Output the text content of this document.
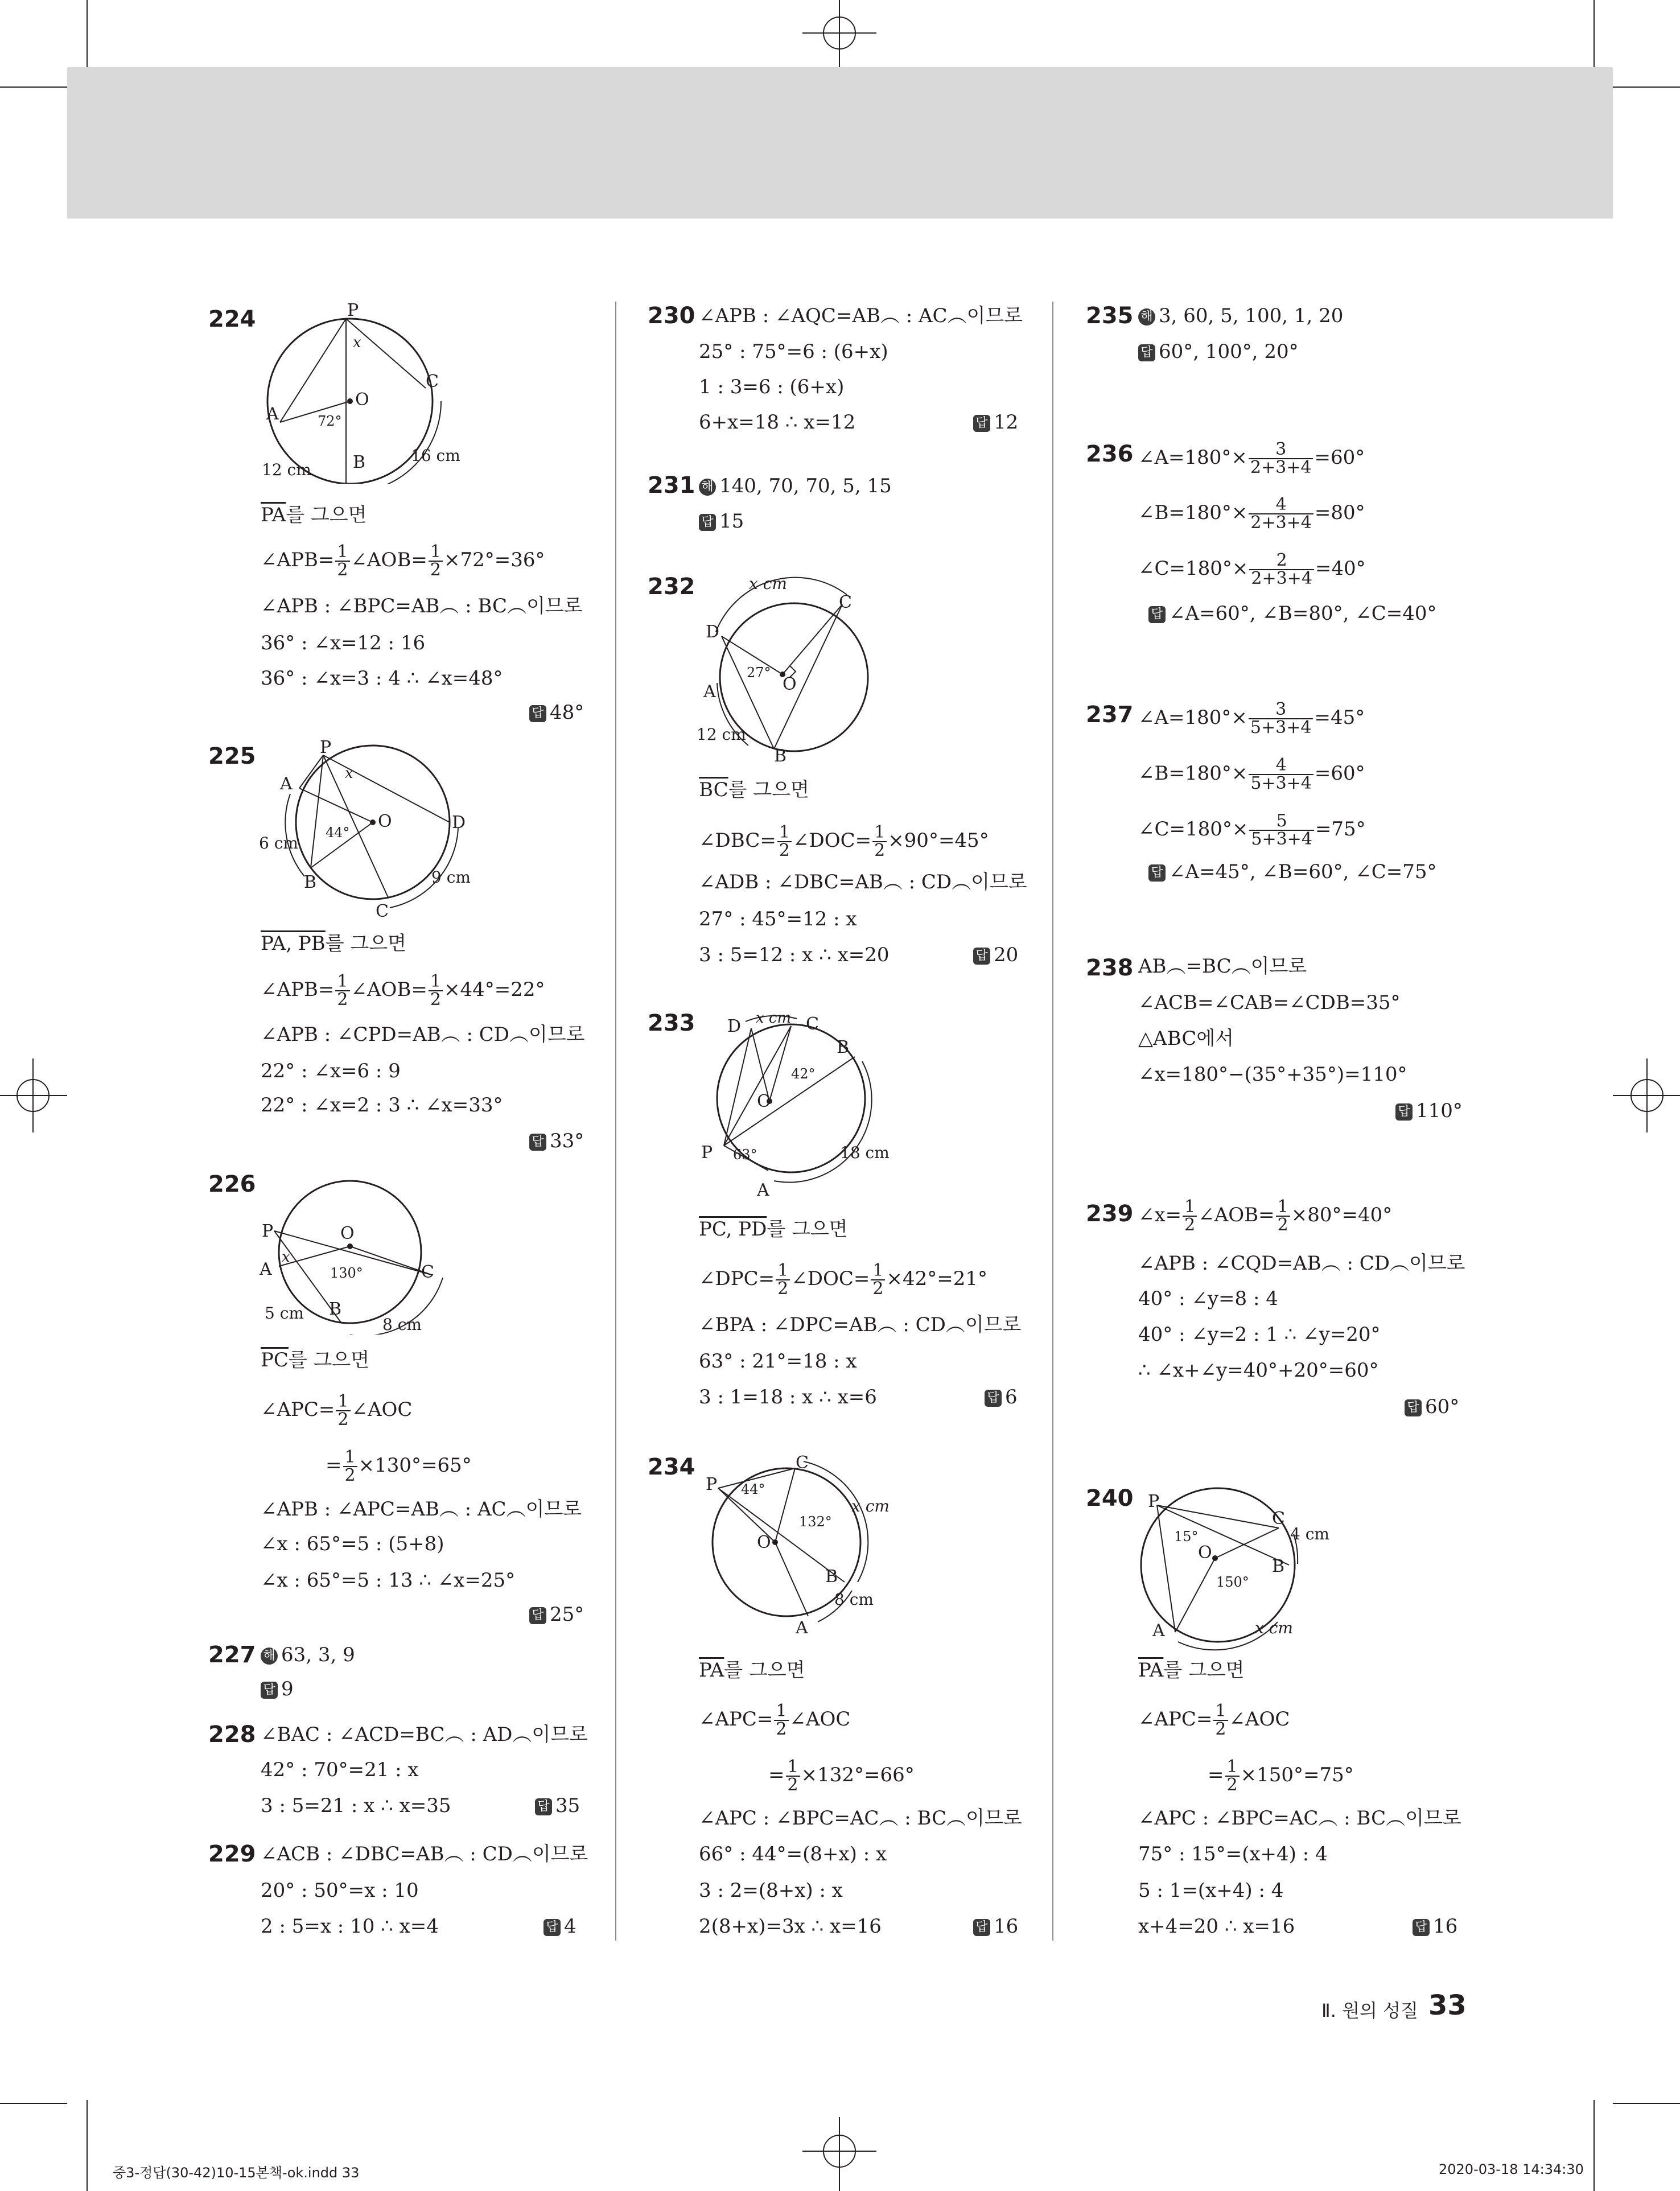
224	P
A
C
B
O
x
72°
12 cm
16 cm
$\overline{PA}$를 그으면
∠APB= $\frac{1}{2}$ ∠AOB= $\frac{1}{2} \times 72^\circ=36^\circ$
∠APB : ∠BPC=AB︵ : BC︵이므로
36° : ∠x=12 : 16
36° : ∠x=3 : 4 ∴ ∠x=48°
답 48°
225	P
A
B
C
D
O
x
44°
6 cm
9 cm
PA, PB를 그으면
∠APB= $\frac{1}{2}$ ∠AOB= $\frac{1}{2} \times 44^\circ=22^\circ$
∠APB : ∠CPD=AB︵ : CD︵이므로
22° : ∠x=6 : 9
22° : ∠x=2 : 3 ∴ ∠x=33°
답 33°
226
P
A
B
C
O
x
130°
5 cm
8 cm
$\overline{PC}$를 그으면
∠APC= $\frac{1}{2}$ ∠AOC
= $\frac{1}{2} \times 130^\circ=65^\circ$
∠APB : ∠APC=AB︵ : AC︵이므로
∠x : 65°=5 : (5+8)
∠x : 65°=5 : 13 ∴ ∠x=25°
답 25°
227 해 63, 3, 9
답 9
228 ∠BAC : ∠ACD=BC︵ : AD︵이므로
42° : 70°=21 : x
3 : 5=21 : x ∴ x=35	답 35
229 ∠ACB : ∠DBC=AB︵ : CD︵이므로
20° : 50°=x : 10
2 : 5=x : 10 ∴ x=4	답 4
230 ∠APB : ∠AQC=AB︵ : AC︵이므로
25° : 75°=6 : (6+x)
1 : 3=6 : (6+x)
6+x=18 ∴ x=12	답 12
231 해 140, 70, 70, 5, 15
답 15
232
D
A
B
C
O
27°
x cm
12 cm
$\overline{BC}$를 그으면
∠DBC= $\frac{1}{2}$ ∠DOC= $\frac{1}{2} \times 90^\circ=45^\circ$
∠ADB : ∠DBC=AB︵ : CD︵이므로
27° : 45°=12 : x
3 : 5=12 : x ∴ x=20	답 20
233 D	C
B
A
P
O
42°
63°
x cm
18 cm
PC, PD를 그으면
∠DPC= $\frac{1}{2}$ ∠DOC= $\frac{1}{2} \times 42^\circ=21^\circ$
∠BPA : ∠DPC=AB︵ : CD︵이므로
63° : 21°=18 : x
3 : 1=18 : x ∴ x=6	답 6
234
P
C
B
A
O
44°
132°
x cm
8 cm
$\overline{PA}$를 그으면
∠APC= $\frac{1}{2}$ ∠AOC
= $\frac{1}{2} \times 132^\circ=66^\circ$
∠APC : ∠BPC=AC︵ : BC︵이므로
66° : 44°=(8+x) : x
3 : 2=(8+x) : x
2(8+x)=3x ∴ x=16	답 16
235 해 3, 60, 5, 100, 1, 20
답 60°, 100°, 20°
236 ∠A=180°× $\frac{3}{2+3+4} =60^\circ$
∠B=180°× $\frac{4}{2+3+4} =80^\circ$
∠C=180°× $\frac{2}{2+3+4} =40^\circ$
답 ∠A=60°, ∠B=80°, ∠C=40°
237 ∠A=180°× $\frac{3}{5+3+4} =45^\circ$
∠B=180°× $\frac{4}{5+3+4} =60^\circ$
∠C=180°× $\frac{5}{5+3+4} =75^\circ$
답 ∠A=45°, ∠B=60°, ∠C=75°
238 AB︵=BC︵이므로
∠ACB=∠CAB=∠CDB=35°
△ABC에서
∠x=180°−(35°+35°)=110°
답 110°
239 ∠x= $\frac{1}{2}$ ∠AOB= $\frac{1}{2} \times 80^\circ=40^\circ$
∠APB : ∠CQD=AB︵ : CD︵이므로
40° : ∠y=8 : 4
40° : ∠y=2 : 1 ∴ ∠y=20°
∴ ∠x+∠y=40°+20°=60°
답 60°
240 P
C
B
A
O
15°
150°
4 cm
x cm
$\overline{PA}$를 그으면
∠APC= $\frac{1}{2}$ ∠AOC
= $\frac{1}{2} \times 150^\circ=75^\circ$
∠APC : ∠BPC=AC︵ : BC︵이므로
75° : 15°=(x+4) : 4
5 : 1=(x+4) : 4
x+4=20 ∴ x=16	답 16
Ⅱ. 원의 성질 33
중3-정답(30-42)10-15본책-ok.indd 33	2020-03-18 14:34:30
